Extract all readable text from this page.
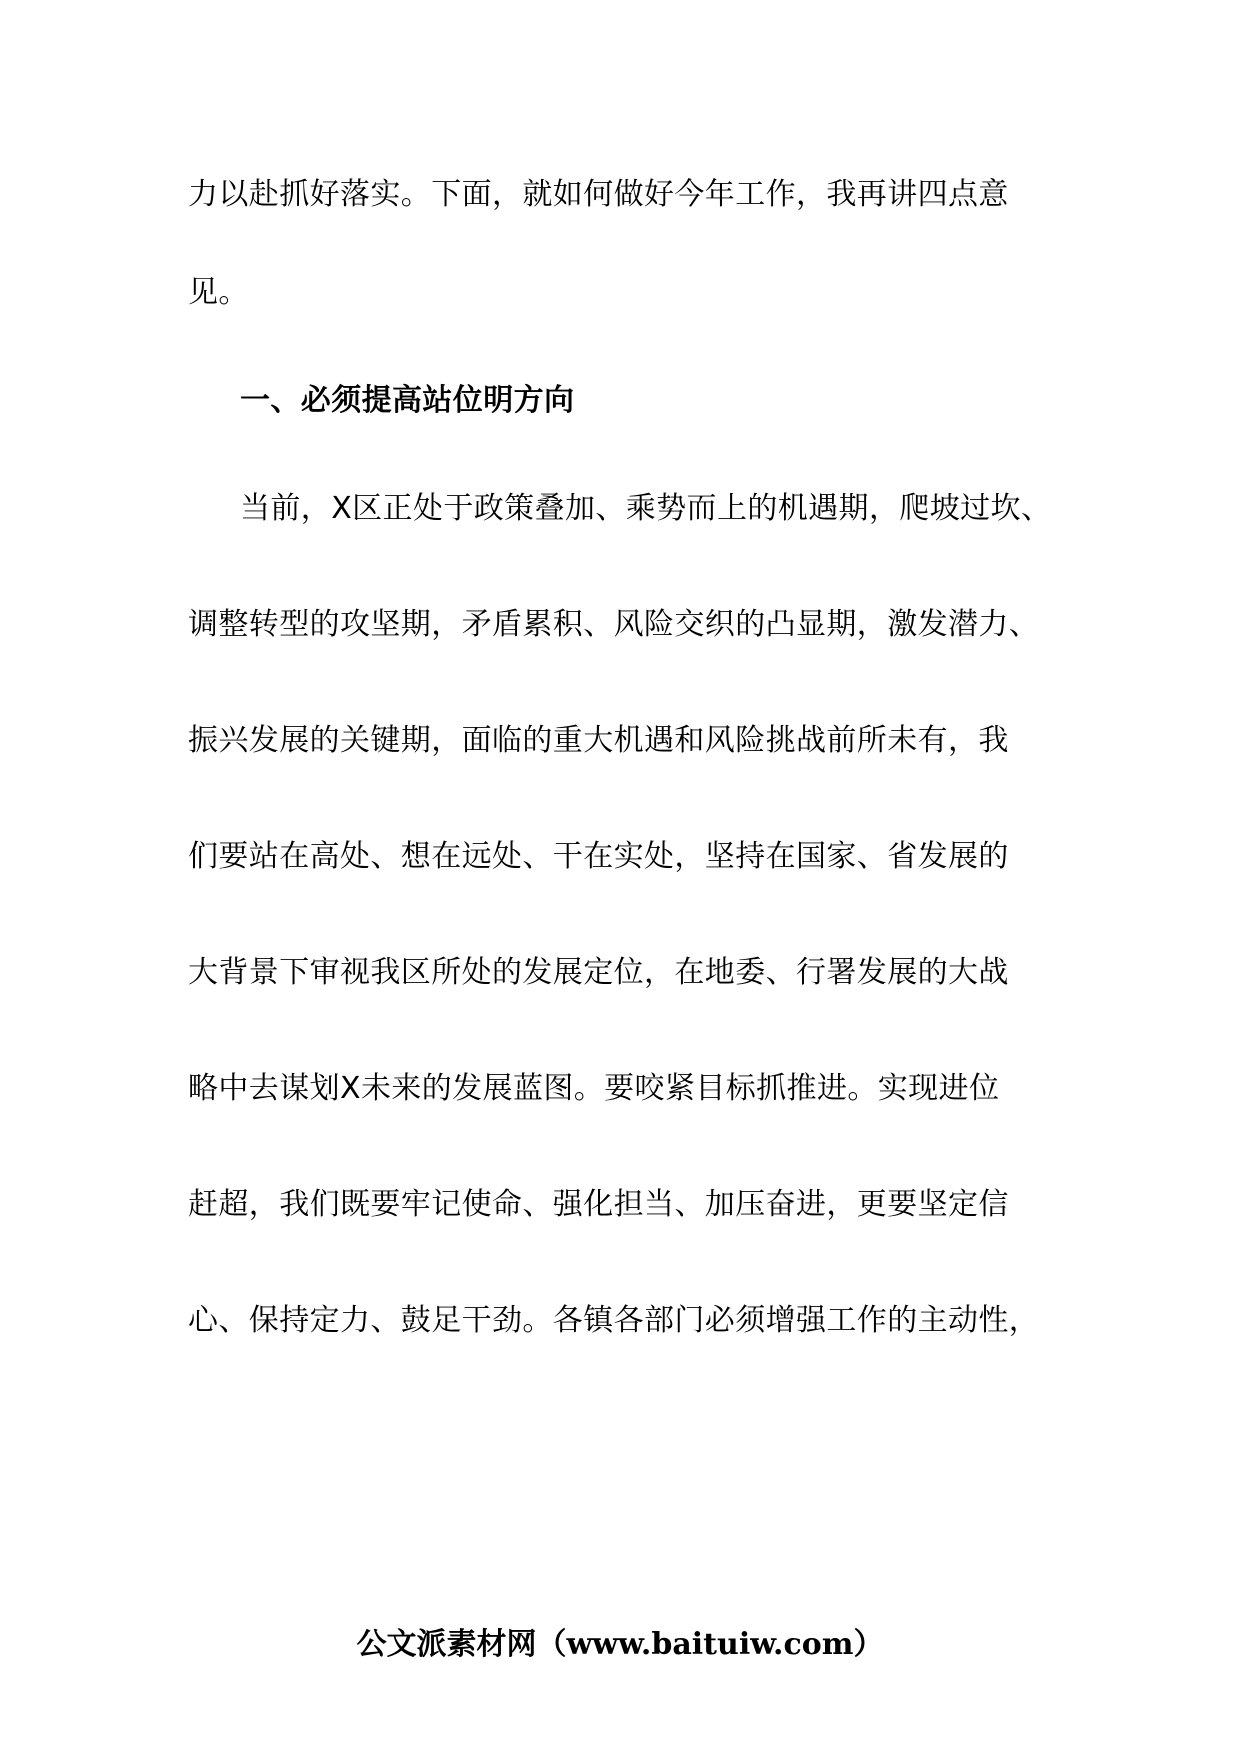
力以赴抓好落实。下面，就如何做好今年工作，我再讲四点意
见。
一、必须提高站位明方向
当前，X区正处于政策叠加、乘势而上的机遇期，爬坡过坎、
调整转型的攻坚期，矛盾累积、风险交织的凸显期，激发潜力、
振兴发展的关键期，面临的重大机遇和风险挑战前所未有，我
们要站在高处、想在远处、干在实处，坚持在国家、省发展的
大背景下审视我区所处的发展定位，在地委、行署发展的大战
略中去谋划X未来的发展蓝图。要咬紧目标抓推进。实现进位
赶超，我们既要牢记使命、强化担当、加压奋进，更要坚定信
心、保持定力、鼓足干劲。各镇各部门必须增强工作的主动性，
公文派素材网（www.baituiw.com）
